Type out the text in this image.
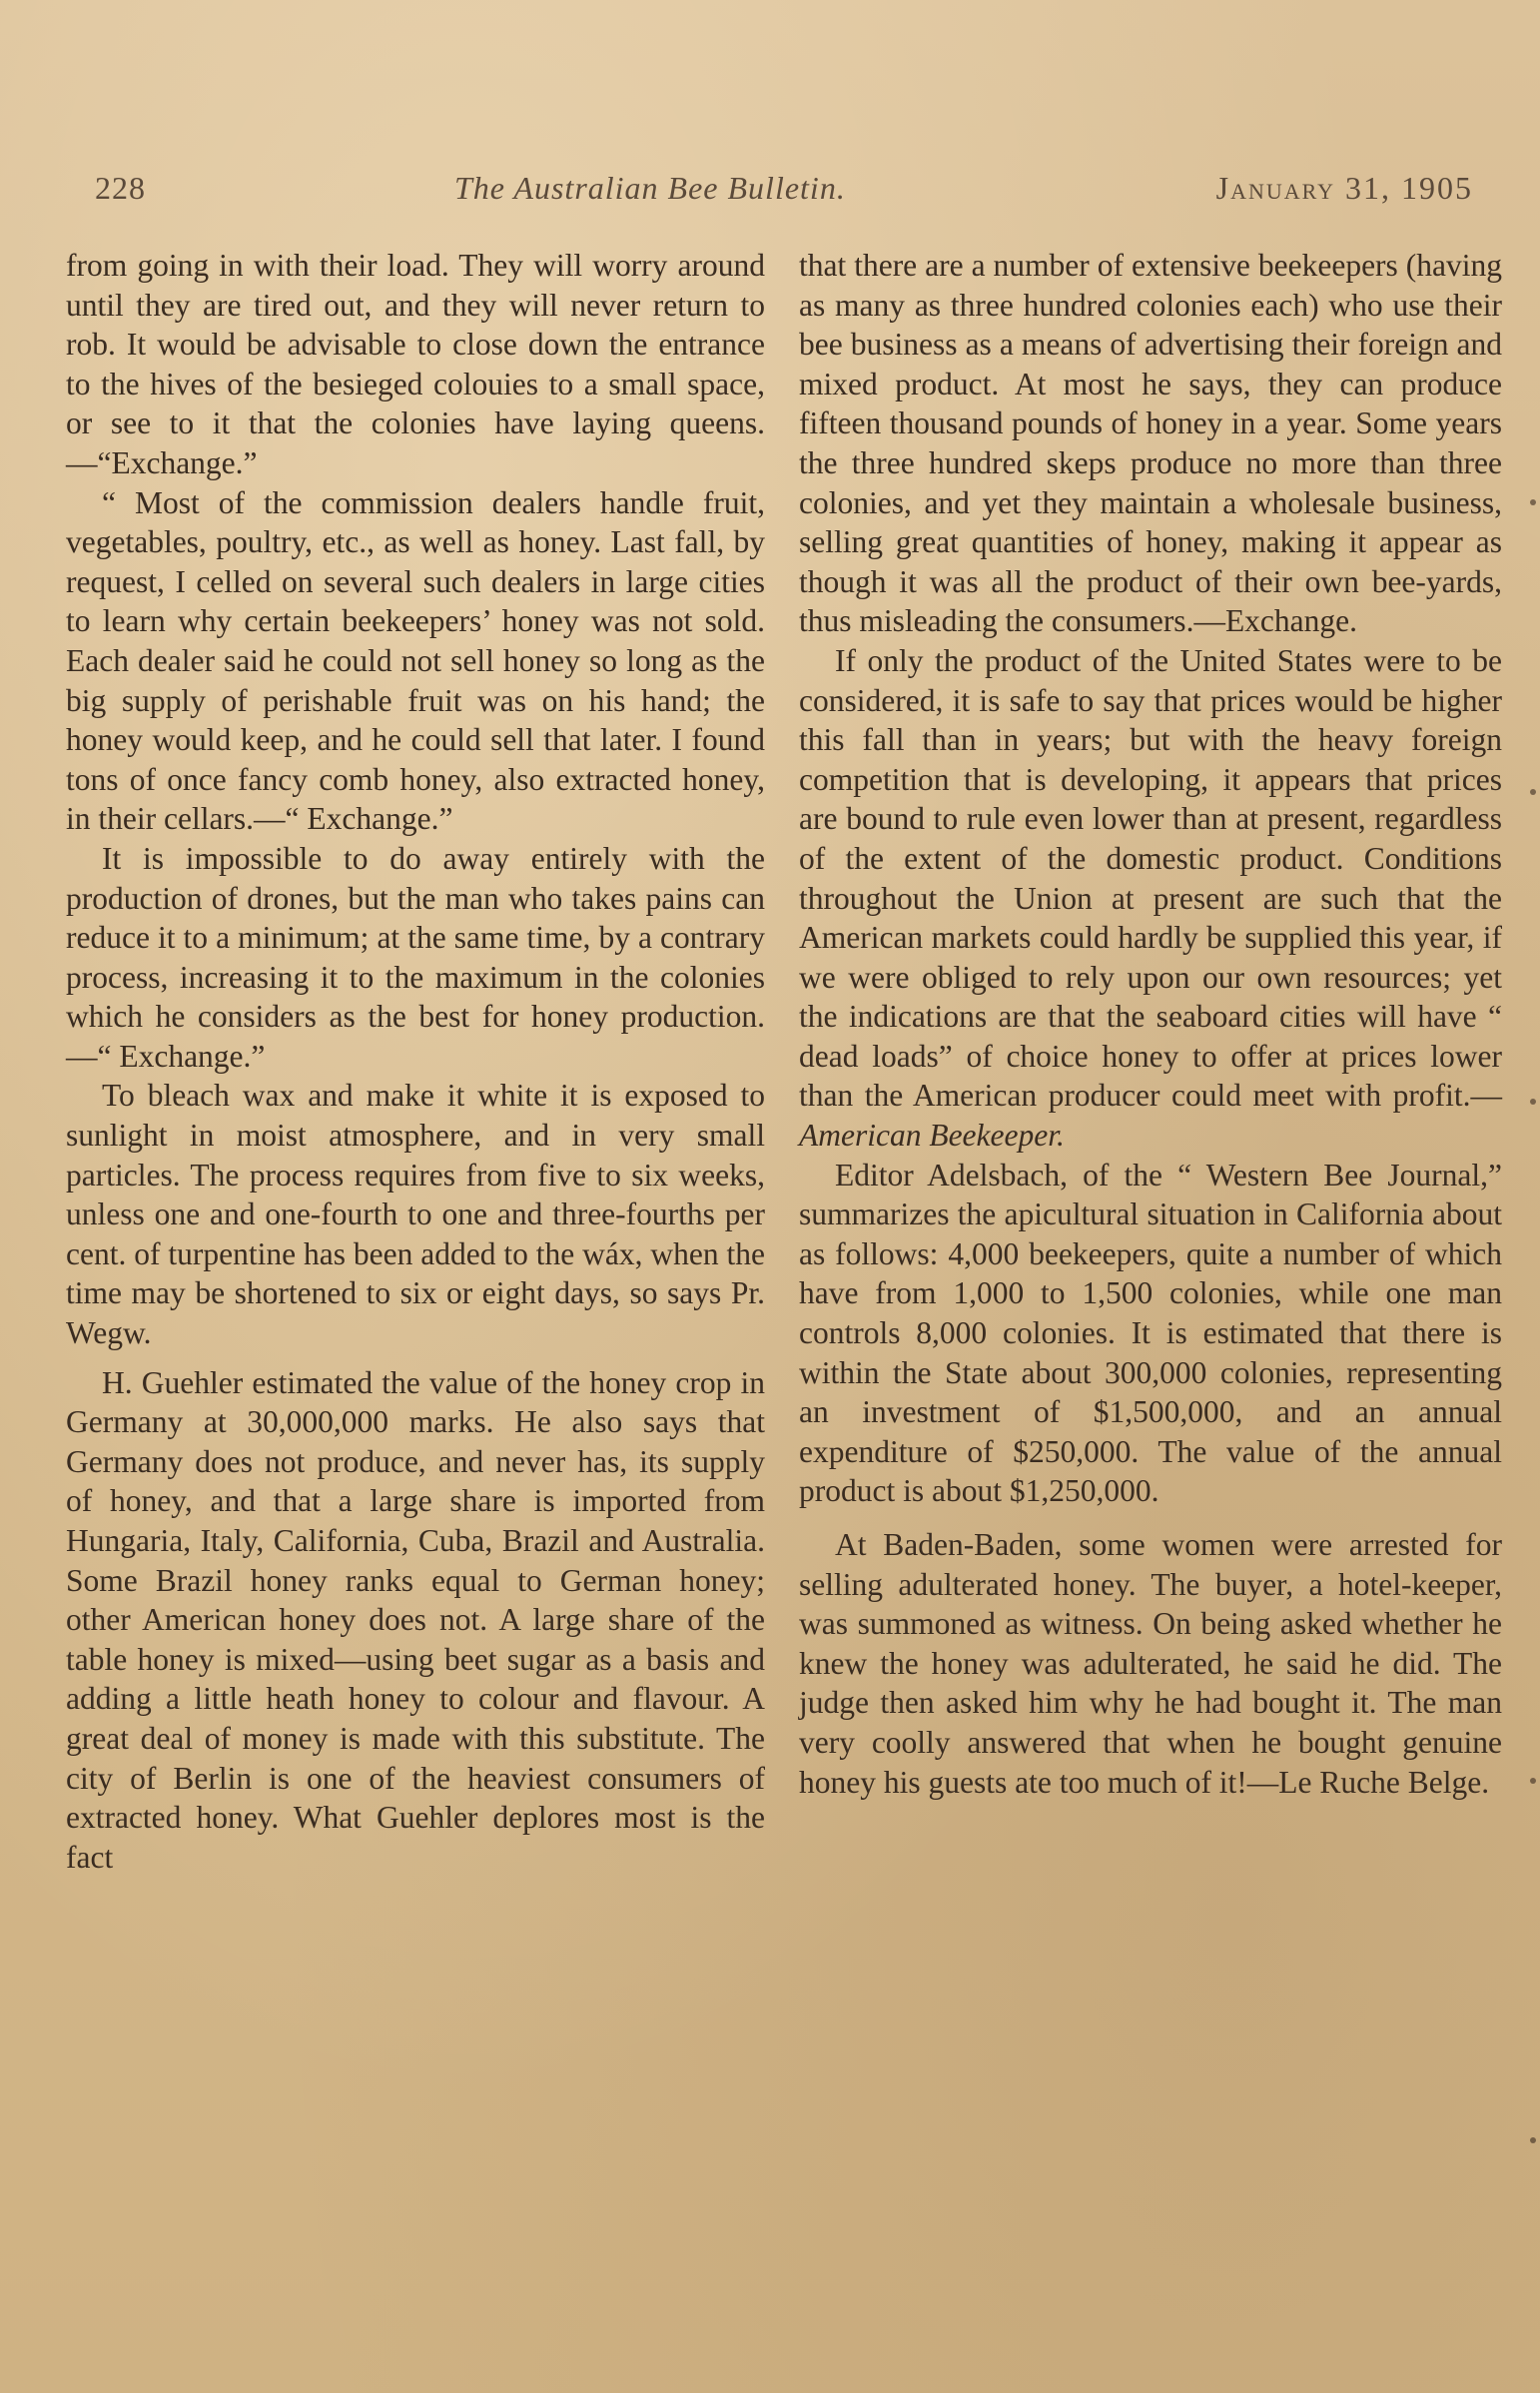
228	The Australian Bee Bulletin.	January 31, 1905

from going in with their load. They will worry around until they are tired out, and they will never return to rob. It would be advisable to close down the entrance to the hives of the besieged colouies to a small space, or see to it that the colonies have laying queens.—“Exchange.”

“ Most of the commission dealers handle fruit, vegetables, poultry, etc., as well as honey. Last fall, by request, I celled on several such dealers in large cities to learn why certain beekeepers’ honey was not sold. Each dealer said he could not sell honey so long as the big supply of perishable fruit was on his hand; the honey would keep, and he could sell that later. I found tons of once fancy comb honey, also extracted honey, in their cellars.—“ Exchange.”

It is impossible to do away entirely with the production of drones, but the man who takes pains can reduce it to a minimum; at the same time, by a contrary process, increasing it to the maximum in the colonies which he considers as the best for honey production.—“ Exchange.”

To bleach wax and make it white it is exposed to sunlight in moist atmosphere, and in very small particles. The process requires from five to six weeks, unless one and one-fourth to one and three-fourths per cent. of turpentine has been added to the wáx, when the time may be shortened to six or eight days, so says Pr. Wegw.

H. Guehler estimated the value of the honey crop in Germany at 30,000,000 marks. He also says that Germany does not produce, and never has, its supply of honey, and that a large share is imported from Hungaria, Italy, California, Cuba, Brazil and Australia. Some Brazil honey ranks equal to German honey; other American honey does not. A large share of the table honey is mixed—using beet sugar as a basis and adding a little heath honey to colour and flavour. A great deal of money is made with this substitute. The city of Berlin is one of the heaviest consumers of extracted honey. What Guehler deplores most is the fact

that there are a number of extensive beekeepers (having as many as three hundred colonies each) who use their bee business as a means of advertising their foreign and mixed product. At most he says, they can produce fifteen thousand pounds of honey in a year. Some years the three hundred skeps produce no more than three colonies, and yet they maintain a wholesale business, selling great quantities of honey, making it appear as though it was all the product of their own bee-yards, thus misleading the consumers.—Exchange.

If only the product of the United States were to be considered, it is safe to say that prices would be higher this fall than in years; but with the heavy foreign competition that is developing, it appears that prices are bound to rule even lower than at present, regardless of the extent of the domestic product. Conditions throughout the Union at present are such that the American markets could hardly be supplied this year, if we were obliged to rely upon our own resources; yet the indications are that the seaboard cities will have “ dead loads” of choice honey to offer at prices lower than the American producer could meet with profit.—American Beekeeper.

Editor Adelsbach, of the “ Western Bee Journal,” summarizes the apicultural situation in California about as follows: 4,000 beekeepers, quite a number of which have from 1,000 to 1,500 colonies, while one man controls 8,000 colonies. It is estimated that there is within the State about 300,000 colonies, representing an investment of $1,500,000, and an annual expenditure of $250,000. The value of the annual product is about $1,250,000.

At Baden-Baden, some women were arrested for selling adulterated honey. The buyer, a hotel-keeper, was summoned as witness. On being asked whether he knew the honey was adulterated, he said he did. The judge then asked him why he had bought it. The man very coolly answered that when he bought genuine honey his guests ate too much of it!—Le Ruche Belge.
